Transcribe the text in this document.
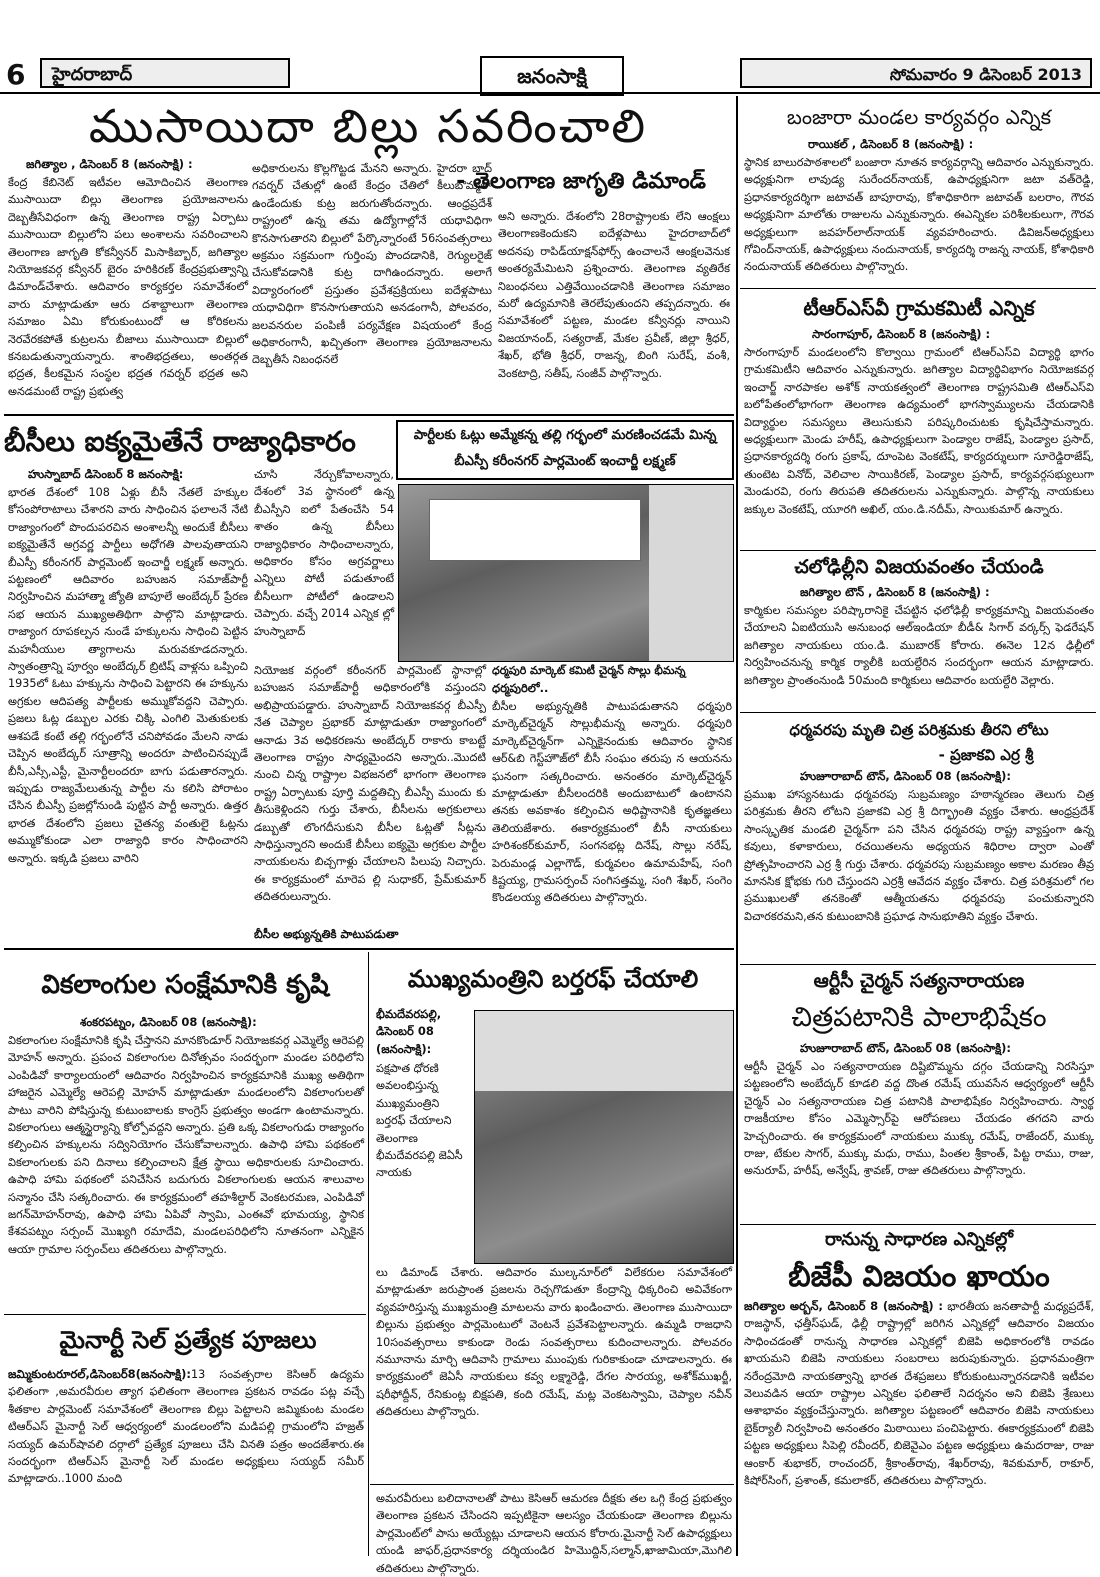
6	హైదరాబాద్	జనంసాక్షి	సోమవారం 9 డిసెంబర్ 2013
ముసాయిదా బిల్లు సవరించాలి
- తెలంగాణ జాగృతి డిమాండ్
జగిత్యాల , డిసెంబర్ 8 (జనంసాక్షి) :
కేంద్ర కేబినెట్ ఇటీవల ఆమోదించిన తెలంగాణ ముసాయిదా బిల్లు తెలంగాణ ప్రయోజనాలను దెబ్బతీసేవిధంగా ఉన్న తెలంగాణ రాష్ట్ర ఏర్పాటు ముసాయిదా బిల్లులోని పలు అంశాలను సవరించాలని తెలంగాణ జాగృతి కోకన్వీనర్ మిసాకిబ్బార్, జగిత్యాల నియోజకవర్గ కన్వీనర్ బైరం హరికిరణ్ కేంద్రప్రభుత్వాన్ని డిమాండ్‌చేశారు. ఆదివారం కార్యకర్తల సమావేశంలో వారు మాట్లాడుతూ ఆరు దశాబ్దాలుగా తెలంగాణ సమాజం ఏమి కోరుకుంటుందో ఆ కోరికలను నెరవేరకపోతే కుట్రలను బీజాలు ముసాయిదా బిల్లులో కనబడుతున్నాయన్నారు. శాంతిభద్రతలు, అంతర్గత భద్రత, కీలకమైన సంస్థల భద్రత గవర్నర్ భద్రత అని అనడమంటే రాష్ట్ర ప్రభుత్వ
అధికారులను కొల్లగొట్టడ మేనని అన్నారు. హైదరా బాద్ గవర్నర్ చేతుల్లో ఉంటే కేంద్రం చేతిలో కీలుబొమ్మలా ఉండేందుకు కుట్ర జరుగుతోందన్నారు. ఆంధ్రప్రదేశ్ రాష్ట్రంలో ఉన్న తమ ఉద్యోగాల్లోనే యధావిధిగా కొనసాగుతారని బిల్లులో పేర్కొన్నారంటే 56సంవత్సరాలు అక్రమం సక్రమంగా గుర్తింపు పొందడానికి, రెగ్యులరైజ్ చేసుకోవడానికి కుట్ర దాగిఉందన్నారు. అలాగే విద్యారంగంలో ప్రస్తుతం ప్రవేశప్రక్రియలు ఐదేళ్లపాటు యధావిధిగా కొనసాగుతాయని అనడంగానీ, పోలవరం, జలవనరుల పంపిణీ పర్యవేక్షణ విషయంలో కేంద్ర అధికారంగానీ, ఖచ్చితంగా తెలంగాణ ప్రయోజనాలను దెబ్బతీసే నిబంధనలే
అని అన్నారు. దేశంలోని 28రాష్ట్రాలకు లేని ఆంక్షలు తెలంగాణకెందుకని ఐదేళ్లపాటు హైదరాబాద్‌లో అదనపు రాపిడ్‌యాక్షన్‌ఫోర్స్ ఉంచాలనే ఆంక్షలవెనుక అంతర్యమేమిటని ప్రశ్నించారు. తెలంగాణ వ్యతిరేక నిబంధనలు ఎత్తివేయించడానికి తెలంగాణ సమాజం మరో ఉద్యమానికి తెరలేపుతుందని తప్పదన్నారు. ఈ సమావేశంలో పట్టణ, మండల కన్వీనర్లు నాయిని విజయానంద్, సత్యరాజ్, మేకల ప్రవీణ్, జిల్లా శ్రీధర్, శేఖర్, భోతి శ్రీధర్, రాజన్న, బింగి సురేష్, వంశీ, వెంకటాద్రి, సతీష్, సంజీవ్ పాల్గొన్నారు.
బీసీలు ఐక్యమైతేనే రాజ్యాధికారం	పార్టీలకు ఓట్లు అమ్మేకన్న తల్లి గర్భంలో మరణించడమే మిన్న
బీఎస్పీ కరీంనగర్ పార్లమెంట్ ఇంచార్జీ లక్ష్మణ్
హుస్నాబాద్ డిసెంబర్ 8 జనంసాక్షి:
భారత దేశంలో 108 ఏళ్లు బీసీ నేతలే హక్కుల కోసంపోరాటాలు చేశారని వారు సాధించిన ఫలాలనే నేటి రాజ్యాంగంలో పొందుపరచిన అంశాలన్నీ అందుకే బీసీలు ఐక్యమైతేనే అగ్రవర్ణ పార్టీలు అధోగతి పాలవుతాయని బీఎస్పీ కరీంనగర్ పార్లమెంట్ ఇంచార్జీ లక్ష్మణ్ అన్నారు. పట్టణంలో ఆదివారం బహుజన సమాజ్‌పార్టీ నిర్వహించిన మహాత్మా జ్యోతి బాపూలే అంబేద్కర్ ప్రేరణ సభ ఆయన ముఖ్యఅతిథిగా పాల్గొని మాట్లాడారు. రాజ్యాంగ రూపకల్పన నుండే హక్కులను సాధించి పెట్టిన మహనీయుల త్యాగాలను మరువకూడదన్నారు. స్వాతంత్రాన్ని పూర్వం అంబేద్కర్ బ్రిటిష్ వాళ్లను ఒప్పించి 1935లో ఓటు హక్కును సాధించి పెట్టారని ఈ హక్కును అగ్రకుల ఆదిపత్య పార్టీలకు అమ్ముకోవద్దని చెప్పారు. ప్రజలు ఓట్ల డబ్బుల ఎరకు చిక్కి ఎంగిలి మెతుకులకు ఆశపడే కంటే తల్లి గర్భంలోనే చనిపోవడం మేలని నాడు చెప్పిన అంబేద్కర్ సూత్రాన్ని అందరూ పాటించినప్పుడే బీసీ,ఎస్సీ,ఎస్టీ, మైనార్టీలందరూ బాగు పడుతారన్నారు. ఇప్పుడు రాజ్యమేలుతున్న పార్టీల ను కలిసి పోరాటం చేసిన బీఎస్పీ ప్రజల్లోనుండి పుట్టిన పార్టీ అన్నారు. ఉత్తర భారత దేశంలోని ప్రజలు చైతన్య వంతులై ఓట్లను అమ్ముకోకుండా ఎలా రాజ్యాధి కారం సాధించారని అన్నారు. ఇక్కడి ప్రజలు వారిని
చూసి నేర్చుకోవాలన్నారు, దేశంలో 3వ స్థానంలో ఉన్న బీఎస్పీని ఐలో పేతంచేసి 54 శాతం ఉన్న బీసీలు రాజ్యాధికారం సాధించాలన్నారు, అధికారం కోసం అగ్రవర్ణాలు ఎన్నిలు పోటీ పడుతూంటే బీసీలుగా పోటీలో ఉండాలని చెప్పారు. వచ్చే 2014 ఎన్నిక ల్లో హుస్నాబాద్
నియోజక వర్గంలో కరీంనగర్ పార్లమెంట్ స్థానాల్లో బహుజన సమాజ్‌పార్టీ అధికారంలోకి వస్తుందని అభిప్రాయపడ్డారు. హుస్నాబాద్ నియోజకవర్గ బీఎస్పీ నేత చెప్యాల ప్రభాకర్ మాట్లాడుతూ రాజ్యాంగంలో ఆనాడు 3వ అధికరణను అంబేద్కర్ రాకారు కాబట్టే తెలంగాణ రాష్ట్రం సాధ్యమైందని అన్నారు..మొదటి నుంచి చిన్న రాష్ట్రాల విభజనలో భాగంగా తెలంగాణ రాష్ట్ర ఏర్పాటుకు పూర్తి మద్దతిచ్చి బీఎస్పీ ముందు కు తీసుకెళ్లిందని గుర్తు చేశారు, బీసీలను అగ్రకులాలు డబ్బుతో లొంగదీసుకుని బీసీల ఓట్లతో సీట్లను సాధిస్తున్నారని అందుకే బీసీలు ఐక్యమై అగ్రకుల పార్టీల నాయకులను బిచ్చగాళ్లు చేయాలని పిలుపు నిచ్చారు. ఈ కార్యక్రమంలో మారెప ల్లి సుధాకర్, ప్రేమ్‌కుమార్ తదితరులున్నారు.
బీసీల అభ్యున్నతికి పాటుపడుతా
ధర్మపురి మార్కెట్ కమిటీ చైర్మన్ సొల్లు భీమన్న
ధర్మపురిలో..
బీసీల అభ్యున్నతికి పాటుపడుతానని ధర్మపురి మార్కెట్‌చైర్మన్ సొల్లుభీమన్న అన్నారు. ధర్మపురి మార్కెట్‌చైర్మన్‌గా ఎన్నికైనందుకు ఆదివారం స్థానిక ఆర్&బి గెస్ట్‌హౌజ్‌లో బీసీ సంఘం తరుపు న ఆయనను ఘనంగా సత్కరించారు. అనంతరం మార్కెట్‌చైర్మన్ మాట్లాడుతూ బీసీలందరికి అందుబాటులో ఉంటానని తనకు అవకాశం కల్పించిన అధిష్టానానికి కృతజ్ఞతలు తెలియజేశారు. ఈకార్యక్రమంలో బీసీ నాయకులు హరిశంకర్‌కుమార్, సంగనభట్ల దినేష్, సొల్లు నరేష్, పెరుమండ్ల ఎల్లాగౌడ్, కుర్మవలం ఉమామహేష్, సంగి కిష్టయ్య, గ్రామసర్పంచ్ సంగిసత్తమ్మ, సంగి శేఖర్, సంగెం కొండలయ్య తదితరులు పాల్గొన్నారు.
వికలాంగుల సంక్షేమానికి కృషి
శంకరపట్నం, డిసెంబర్ 08 (జనంసాక్షి):
వికలాంగుల సంక్షేమానికి కృషి చేస్తానని మానకొండూర్ నియోజకవర్గ ఎమ్మెల్యే ఆరెపల్లి మోహన్ అన్నారు. ప్రపంచ వికలాంగుల దినోత్సవం సందర్భంగా మండల పరిధిలోని ఎంపిడివో కార్యాలయంలో ఆదివారం నిర్వహించిన కార్యక్రమానికి ముఖ్య అతిథిగా హాజరైన ఎమ్మెల్యే ఆరెపల్లి మోహన్ మాట్లాడుతూ మండలంలోని వికలాంగులతో పాటు వారిని పోషిస్తున్న కుటుంబాలకు కాంగ్రెస్ ప్రభుత్వం అండగా ఉంటామన్నారు. వికలాంగులు ఆత్మస్థైర్యాన్ని కోల్పోవద్దని అన్నారు. ప్రతి ఒక్క వికలాంగుడు రాజ్యాంగం కల్పించిన హక్కులను సద్వినియోగం చేసుకోవాలన్నారు. ఉపాధి హామి పథకంలో వికలాంగులకు పని దినాలు కల్పించాలని క్షేత్ర స్థాయి అధికారులకు సూచించారు. ఉపాధి హామి పథకంలో పనిచేసిన బదుగురు వికలాంగులకు ఆయన శాలువాల సన్మానం చేసి సత్కరించారు. ఈ కార్యక్రమంలో తహశీల్దార్ వెంకటరమణ, ఎంపిడివో జగన్‌మోహన్‌రావు, ఉపాధి హామి ఏపివో స్వామి, ఎంఈవో భూమయ్య, స్థానిక కేశవపట్నం సర్పంచ్ మొఖ్యగి రమాదేవి, మండలపరిధిలోని నూతనంగా ఎన్నికైన ఆయా గ్రామాల సర్పంచ్‌లు తదితరులు పాల్గొన్నారు.
ముఖ్యమంత్రిని బర్తరఫ్ చేయాలి
భీమదేవరపల్లి, డిసెంబర్ 08 (జనంసాక్షి):
పక్షపాత ధోరణి అవలంభిస్తున్న ముఖ్యమంత్రిని బర్తరఫ్ చేయాలని తెలంగాణ భీమదేవరపల్లి జెఏసీ నాయకు
లు డిమాండ్ చేశారు. ఆదివారం ముల్కనూర్‌లో విలేకరుల సమావేశంలో మాట్లాడుతూ జరుప్రాంత ప్రజలను రెచ్చగొడుతూ కేంద్రాన్ని ధిక్కరించి అవివేకంగా వ్యవహరిస్తున్న ముఖ్యమంత్రి మాటలను వారు ఖండించారు. తెలంగాణ ముసాయిదా బిల్లును ప్రభుత్వం పార్లమెంటులో వెంటనే ప్రవేశపెట్టాలన్నారు. ఉమ్మడి రాజధాని 10సంవత్సరాలు కాకుండా రెండు సంవత్సరాలు కుదించాలన్నారు. పోలవరం నమూనాను మార్చి ఆదివాసి గ్రామాలు ముంపుకు గురికాకుండా చూడాలన్నారు. ఈ కార్యక్రమంలో జెఏసీ నాయకులు కవ్వ లక్ష్మారెడ్డి, దేగల సారయ్య, అశోక్‌ముఖర్జీ, షరీఫోద్దీన్, రేనికుంట్ల బిక్షపతి, కంది రమేష్, మట్ల వెంకటస్వామి, చెప్యాల నవీన్ తదితరులు పాల్గొన్నారు.
మైనార్టీ సెల్ ప్రత్యేక పూజలు
జమ్మికుంటరూరల్,డిసెంబర్8(జనంసాక్షి):13 సంవత్సరాల కెసిఆర్ ఉద్యమ ఫలితంగా ,అమరవీరుల త్యాగ ఫలితంగా తెలంగాణ ప్రకటన రావడం పట్ల వచ్చే శీతకాల పార్లమెంట్ సమావేశంలో తెలంగాణ బిల్లు పెట్టాలని జమ్మికుంట మండల టిఆర్ఎస్ మైనార్టీ సెల్ ఆధ్వర్యంలో మండలంలోని మడిపల్లి గ్రామంలోని హజ్రత్ సయ్యద్ ఉమర్‌షావలి దర్గాలో ప్రత్యేక పూజలు చేసి వినతి పత్రం అందజేశారు.ఈ సందర్భంగా టిఆర్ఎస్ మైనార్టీ సెల్ మండల అధ్యక్షులు సయ్యద్ సమీర్ మాట్లాడారు..1000 మంది
అమరవీరులు బలిదానాలతో పాటు కెసిఆర్ ఆమరణ దీక్షకు తల ఒగ్గి కేంద్ర ప్రభుత్వం తెలంగాణ ప్రకటన చేసిందని ఇప్పటికైనా ఆలస్యం చేయకుండా తెలంగాణ బిల్లును పార్లమెంట్‌లో పాసు అయ్యేట్లు చూడాలని ఆయన కోరారు.మైనార్టీ సెల్ ఉపాధ్యక్షులు యండి జాఫర్,ప్రధానకార్య దర్శియండిర హిమొద్దిన్,సల్మాన్,ఖాజామియా,మొగిలి తదితరులు పాల్గొన్నారు.
బంజారా మండల కార్యవర్గం ఎన్నిక
రాయికల్ , డిసెంబర్ 8 (జనంసాక్షి) :
స్థానిక బాలురపాఠశాలలో బంజారా నూతన కార్యవర్గాన్ని ఆదివారం ఎన్నుకున్నారు. అధ్యక్షునిగా లావుడ్య సురేందర్‌నాయక్, ఉపాధ్యక్షునిగా జటా వత్‌రెడ్డి, ప్రధానకార్యదర్శిగా జటావత్ బాపూరావు, కోశాధికారిగా జటావత్ బలరాం, గౌరవ అధ్యక్షునిగా మాలోతు రాజులను ఎన్నుకున్నారు. ఈఎన్నికల పరిశీలకులుగా, గౌరవ అధ్యక్షులుగా జవహర్‌లాల్‌నాయక్ వ్యవహరించారు. డివిజన్‌అధ్యక్షులు గోవింద్‌నాయక్, ఉపాధ్యక్షులు నందునాయక్, కార్యదర్శి రాజన్న నాయక్, కోశాధికారి నందునాయక్ తదితరులు పాల్గొన్నారు.
టీఆర్‌ఎస్‌వీ గ్రామకమిటీ ఎన్నిక
సారంగాపూర్, డిసెంబర్ 8 (జనంసాక్షి) :
సారంగాపూర్ మండలంలోని కొల్వాయి గ్రామంలో టిఆర్ఎస్‌వి విద్యార్థి భాగం గ్రామకమిటీని ఆదివారం ఎన్నుకున్నారు. జగిత్యాల విద్యార్థివిభాగం నియోజకవర్గ ఇంచార్జ్ నారపాకల అశోక్ నాయకత్వంలో తెలంగాణ రాష్ట్రసమితి టిఆర్ఎస్‌వి బలోపేతంలోభాగంగా తెలంగాణ ఉద్యమంలో భాగస్వామ్యులను చేయడానికి విద్యార్థుల సమస్యలు తెలుసుకుని పరిష్కరించుటకు కృషిచేస్తామన్నారు. అధ్యక్షులుగా మెండు హరీష్, ఉపాధ్యక్షులుగా పెండ్యాల రాజేష్, పెండ్యాల ప్రసాద్, ప్రధానకార్యదర్శి రంగు ప్రకాష్, దూంపెట వెంకటేష్, కార్యదర్శులుగా సూరెడ్డిరాజేష్, తుంటెట వినోద్, వెలిచాల సాయికిరణ్, పెండ్యాల ప్రసాద్, కార్యవర్గసభ్యులుగా మెండురవి, రంగు తిరుపతి తదితరులను ఎన్నుకున్నారు. పాల్గొన్న నాయకులు జక్కుల వెంకటేష్, యూరగి అఖిల్, యం.డి.నదీమ్, సాయికుమార్ ఉన్నారు.
చలోఢిల్లీని విజయవంతం చేయండి
జగిత్యాల టౌన్ , డిసెంబర్ 8 (జనంసాక్షి) :
కార్మికుల సమస్యల పరిష్కారానికై చేపట్టిన ఛలోఢిల్లీ కార్యక్రమాన్ని విజయవంతం చేయాలని ఏఐటియుసి అనుబంధ ఆల్‌ఇండియా బీడీ& సిగార్ వర్కర్స్ ఫెడరేషన్ జగిత్యాల నాయకులు యం.డి. ముబారక్ కోరారు. ఈనెల 12న ఢిల్లీలో నిర్వహించనున్న కార్మిక ర్యాలీకి బయల్దేరిన సందర్భంగా ఆయన మాట్లాడారు. జగిత్యాల ప్రాంతంనుండి 50మంది కార్మికులు ఆదివారం బయల్దేరి వెల్లారు.
ధర్మవరపు మృతి చిత్ర పరిశ్రమకు తీరని లోటు
- ప్రజాకవి ఎర్ర శ్రీ
హుజూరాబాద్ టౌన్, డిసెంబర్ 08 (జనంసాక్షి):
ప్రముఖ హాస్యనటుడు ధర్మవరపు సుబ్రమణ్యం హఠాన్మరణం తెలుగు చిత్ర పరిశ్రమకు తీరని లోటని ప్రజాకవి ఎర్ర శ్రీ దిగ్భ్రాంతి వ్యక్తం చేశారు. ఆంధ్రప్రదేశ్ సాంస్కృతిక మండలి చైర్మన్‌గా పని చేసిన ధర్మవరపు రాష్ట్ర వ్యాప్తంగా ఉన్న కవులు, కళాకారులు, రచయితలను అధ్యయన శిధిరాల ద్వారా ఎంతో ప్రోత్సహించారని ఎర్ర శ్రీ గుర్తు చేశారు. ధర్మవరపు సుబ్రమణ్యం అకాల మరణం తీవ్ర మానసిక క్షోభకు గురి చేస్తుందని ఎర్రశ్రీ ఆవేదన వ్యక్తం చేశారు. చిత్ర పరిశ్రమలో గల ప్రముఖులతో తనకెంతో ఆత్మీయతను ధర్మవరపు పంచుకున్నారని విచారకరమని,తన కుటుంబానికి ప్రఘాఢ సానుభూతిని వ్యక్తం చేశారు.
ఆర్టీసీ చైర్మన్ సత్యనారాయణ
చిత్రపటానికి పాలాభిషేకం
హుజూరాబాద్ టౌన్, డిసెంబర్ 08 (జనంసాక్షి):
ఆర్టీసీ చైర్మన్ ఎం సత్యనారాయణ దిష్టిబొమ్మను దగ్గం చేయడాన్ని నిరసిస్తూ పట్టణంలోని అంబేద్కర్ కూడలి వద్ద దొంత రమేష్ యువసేన ఆధ్వర్యంలో ఆర్టీసీ చైర్మన్ ఎం సత్యనారాయణ చిత్ర పటానికి పాలాభిషేకం నిర్వహించారు. స్వార్థ రాజకీయాల కోసం ఎమ్మెస్సార్‌పై ఆరోపణలు చేయడం తగదని వారు హెచ్చరించారు. ఈ కార్యక్రమంలో నాయకులు ముక్కు రమేష్, రాజేందర్, ముక్కు రాజు, టేకుల సాగర్, ముక్కు మధు, రాము, పింతల శ్రీకాంత్, పిట్ట రాము, రాజు, అనురూప్, హరీష్, అన్వేష్, శ్రావణ్, రాజు తదితరులు పాల్గొన్నారు.
రానున్న సాధారణ ఎన్నికల్లో
బీజేపీ విజయం ఖాయం
జగిత్యాల అర్బన్, డిసెంబర్ 8 (జనంసాక్షి) : భారతీయ జనతాపార్టీ మధ్యప్రదేశ్, రాజస్థాన్, ఛత్తీస్‌ఘడ్, ఢిల్లీ రాష్ట్రాల్లో జరిగిన ఎన్నికల్లో ఆదివారం విజయం సాధించడంతో రానున్న సాధారణ ఎన్నికల్లో బిజెపి అధికారంలోకి రావడం ఖాయమని బిజెపి నాయకులు సంబరాలు జరుపుకున్నారు. ప్రధానమంత్రిగా నరేంద్రమోది నాయకత్వాన్ని భారత దేశప్రజలు కోరుకుంటున్నారనడానికి ఇటీవల వెలువడిన ఆయా రాష్ట్రాల ఎన్నికల ఫలితాలే నిదర్శనం అని బిజెపి శ్రేణులు ఆశాభావం వ్యక్తంచేస్తున్నారు. జగిత్యాల పట్టణంలో ఆదివారం బిజెపి నాయకులు బైక్‌ర్యాలీ నిర్వహించి అనంతరం మిఠాయిలు పంచిపెట్టారు. ఈకార్యక్రమంలో బిజెపి పట్టణ అధ్యక్షులు సిపెల్లి రవీందర్, బిజెవైఎం పట్టణ అధ్యక్షులు ఉమదరాజు, రాజు ఆంకార్ శుభాకర్, రాంచందర్, శ్రీకాంత్‌రావు, శేఖర్‌రావు, శివకుమార్, రాకూర్, కిషోర్‌సింగ్, ప్రశాంత్, కమలాకర్, తదితరులు పాల్గొన్నారు.
